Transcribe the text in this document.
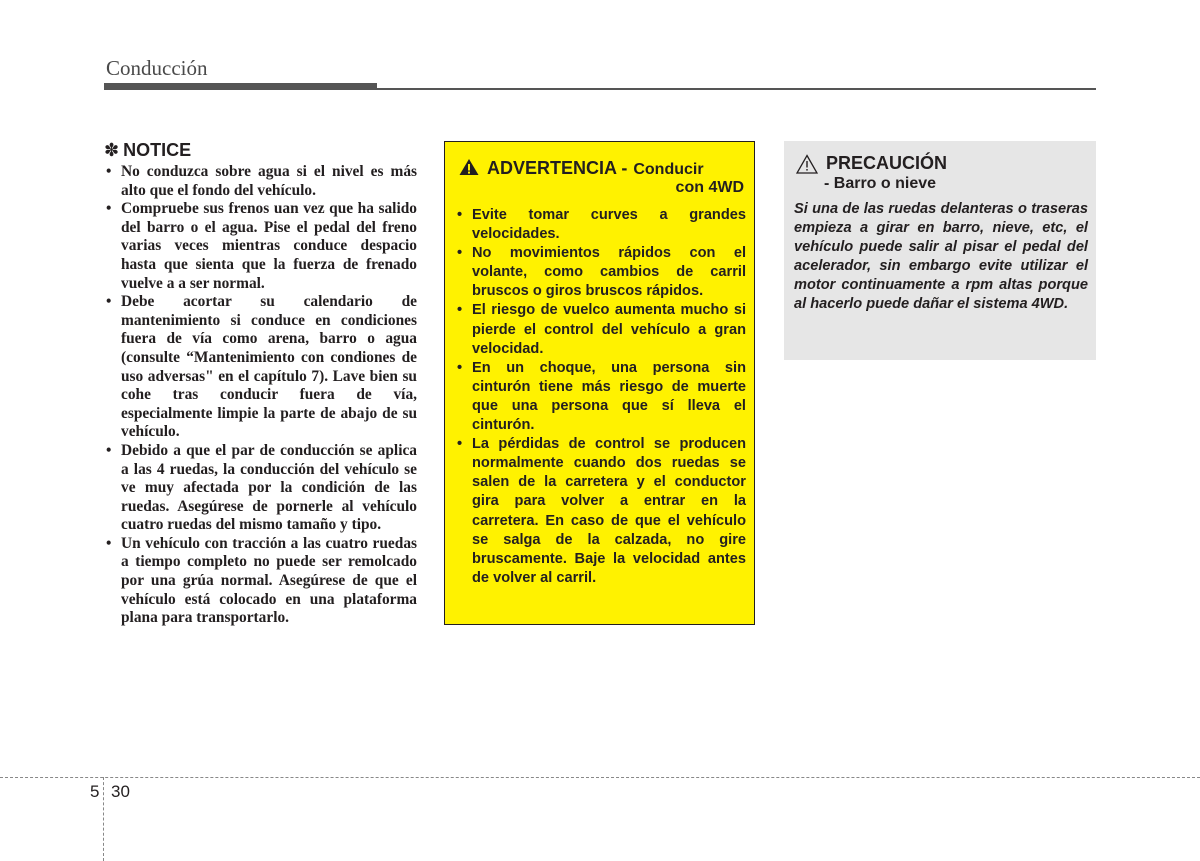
Conducción
✽ NOTICE
• No conduzca sobre agua si el nivel es más alto que el fondo del vehículo.
• Compruebe sus frenos uan vez que ha salido del barro o el agua. Pise el pedal del freno varias veces mientras conduce despacio hasta que sienta que la fuerza de frenado vuelve a a ser normal.
• Debe acortar su calendario de mantenimiento si conduce en condiciones fuera de vía como arena, barro o agua (consulte “Mantenimiento con condiones de uso adversas" en el capítulo 7). Lave bien su cohe tras conducir fuera de vía, especialmente limpie la parte de abajo de su vehículo.
• Debido a que el par de conducción se aplica a las 4 ruedas, la conducción del vehículo se ve muy afectada por la condición de las ruedas. Asegúrese de pornerle al vehículo cuatro ruedas del mismo tamaño y tipo.
• Un vehículo con tracción a las cuatro ruedas a tiempo completo no puede ser remolcado por una grúa normal. Asegúrese de que el vehículo está colocado en una plataforma plana para transportarlo.
ADVERTENCIA - Conducir
con 4WD
• Evite tomar curves a grandes velocidades.
• No movimientos rápidos con el volante, como cambios de carril bruscos o giros bruscos rápidos.
• El riesgo de vuelco aumenta mucho si pierde el control del vehículo a gran velocidad.
• En un choque, una persona sin cinturón tiene más riesgo de muerte que una persona que sí lleva el cinturón.
• La pérdidas de control se producen normalmente cuando dos ruedas se salen de la carretera y el conductor gira para volver a entrar en la carretera. En caso de que el vehículo se salga de la calzada, no gire bruscamente. Baje la velocidad antes de volver al carril.
PRECAUCIÓN
- Barro o nieve
Si una de las ruedas delanteras o traseras empieza a girar en barro, nieve, etc, el vehículo puede salir al pisar el pedal del acelerador, sin embargo evite utilizar el motor continuamente a rpm altas porque al hacerlo puede dañar el sistema 4WD.
5 30
